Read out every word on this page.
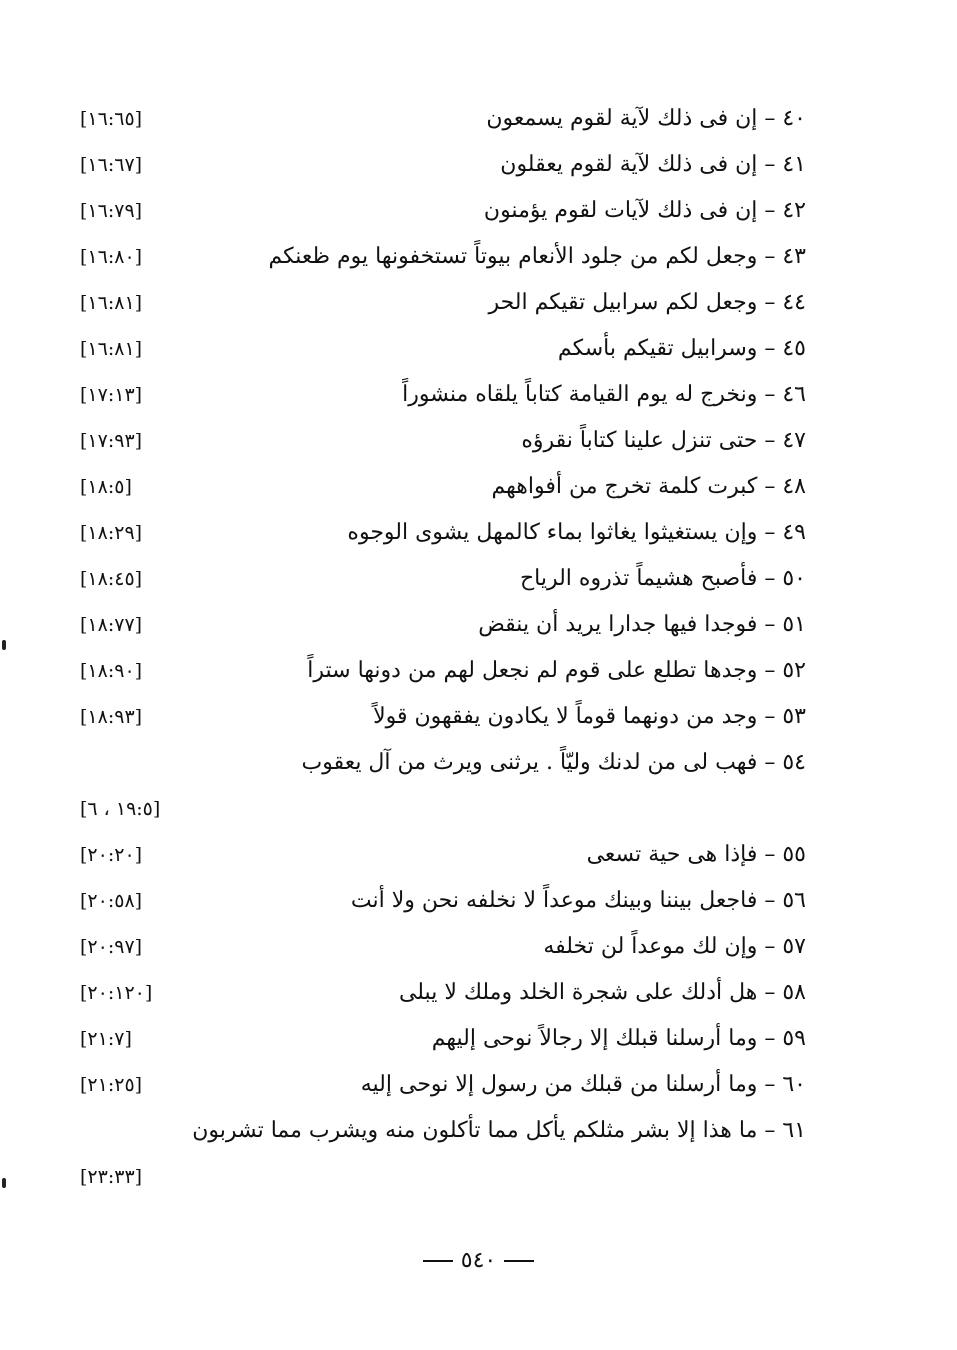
٤٠ – إن فى ذلك لآية لقوم يسمعون
[١٦:٦٥]
٤١ – إن فى ذلك لآية لقوم يعقلون
[١٦:٦٧]
٤٢ – إن فى ذلك لآيات لقوم يؤمنون
[١٦:٧٩]
٤٣ – وجعل لكم من جلود الأنعام بيوتاً تستخفونها يوم ظعنكم
[١٦:٨٠]
٤٤ – وجعل لكم سرابيل تقيكم الحر
[١٦:٨١]
٤٥ – وسرابيل تقيكم بأسكم
[١٦:٨١]
٤٦ – ونخرج له يوم القيامة كتاباً يلقاه منشوراً
[١٧:١٣]
٤٧ – حتى تنزل علينا كتاباً نقرؤه
[١٧:٩٣]
٤٨ – كبرت كلمة تخرج من أفواههم
[١٨:٥]
٤٩ – وإن يستغيثوا يغاثوا بماء كالمهل يشوى الوجوه
[١٨:٢٩]
٥٠ – فأصبح هشيماً تذروه الرياح
[١٨:٤٥]
٥١ – فوجدا فيها جدارا يريد أن ينقض
[١٨:٧٧]
٥٢ – وجدها تطلع على قوم لم نجعل لهم من دونها ستراً
[١٨:٩٠]
٥٣ – وجد من دونهما قوماً لا يكادون يفقهون قولاً
[١٨:٩٣]
٥٤ – فهب لى من لدنك وليّاً . يرثنى ويرث من آل يعقوب
[١٩:٥ ، ٦]
٥٥ – فإذا هى حية تسعى
[٢٠:٢٠]
٥٦ – فاجعل بيننا وبينك موعداً لا نخلفه نحن ولا أنت
[٢٠:٥٨]
٥٧ – وإن لك موعداً لن تخلفه
[٢٠:٩٧]
٥٨ – هل أدلك على شجرة الخلد وملك لا يبلى
[٢٠:١٢٠]
٥٩ – وما أرسلنا قبلك إلا رجالاً نوحى إليهم
[٢١:٧]
٦٠ – وما أرسلنا من قبلك من رسول إلا نوحى إليه
[٢١:٢٥]
٦١ – ما هذا إلا بشر مثلكم يأكل مما تأكلون منه ويشرب مما تشربون
[٢٣:٣٣]
٥٤٠
